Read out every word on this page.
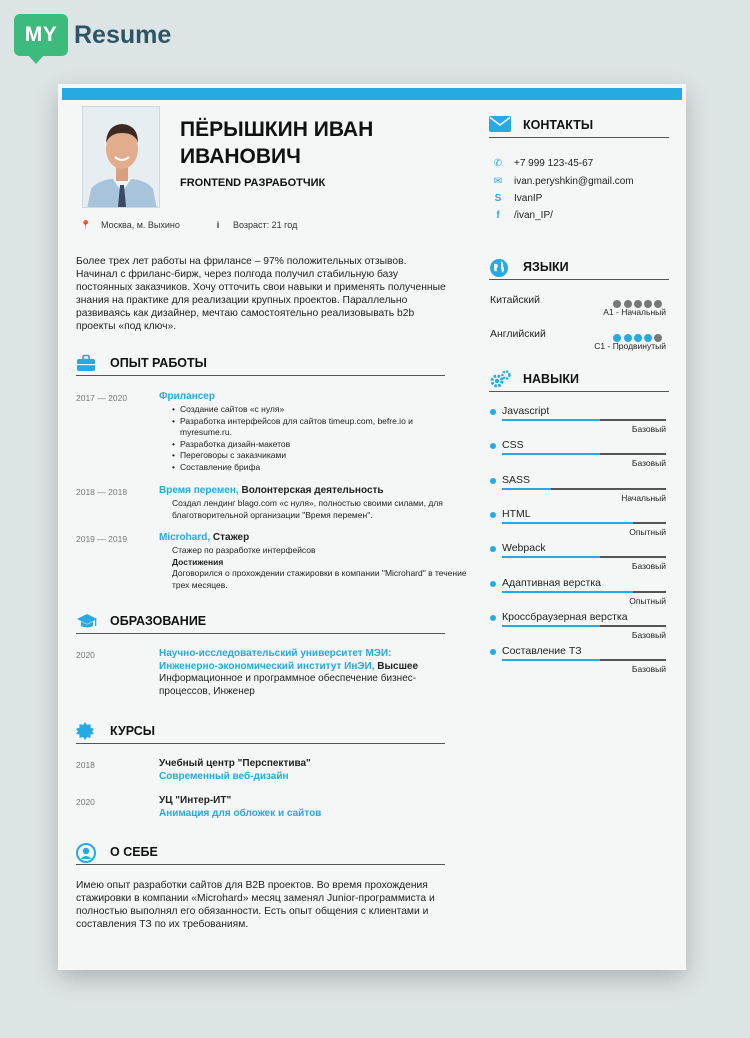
MY Resume
ПЁРЫШКИН ИВАН
ИВАНОВИЧ
FRONTEND РАЗРАБОТЧИК
📍 Москва, м. Выхино	i Возраст: 21 год
Более трех лет работы на фрилансе – 97% положительных отзывов. Начинал с фриланс-бирж, через полгода получил стабильную базу постоянных заказчиков. Хочу отточить свои навыки и применять полученные знания на практике для реализации крупных проектов. Параллельно развиваясь как дизайнер, мечтаю самостоятельно реализовывать b2b проекты «под ключ».
ОПЫТ РАБОТЫ
2017 — 2020	Фрилансер
• Создание сайтов «с нуля»
• Разработка интерфейсов для сайтов timeup.com, befre.io и myresume.ru.
• Разработка дизайн-макетов
• Переговоры с заказчиками
• Составление брифа
2018 — 2018	Время перемен, Волонтерская деятельность
Создал лендинг blago.com «с нуля», полностью своими силами, для благотворительной организации "Время перемен".
2019 — 2019	Microhard, Стажер
Стажер по разработке интерфейсов
Достижения
Договорился о прохождении стажировки в компании "Microhard" в течение трех месяцев.
ОБРАЗОВАНИЕ
2020	Научно-исследовательский университет МЭИ:
Инженерно-экономический институт ИнЭИ, Высшее
Информационное и программное обеспечение бизнес-
процессов, Инженер
КУРСЫ
2018	Учебный центр "Перспектива"
Современный веб-дизайн
2020	УЦ "Интер-ИТ"
Анимация для обложек и сайтов
О СЕБЕ
Имею опыт разработки сайтов для B2B проектов. Во время прохождения стажировки в компании «Microhard» месяц заменял Junior-программиста и полностью выполнял его обязанности. Есть опыт общения с клиентами и составления ТЗ по их требованиям.
КОНТАКТЫ
✆ +7 999 123-45-67
✉ ivan.peryshkin@gmail.com
S IvanIP
f /ivan_IP/
ЯЗЫКИ
Китайский
A1 - Начальный
Английский
C1 - Продвинутый
НАВЫКИ
Javascript
Базовый
CSS
Базовый
SASS
Начальный
HTML
Опытный
Webpack
Базовый
Адаптивная верстка
Опытный
Кроссбраузерная верстка
Базовый
Составление ТЗ
Базовый
